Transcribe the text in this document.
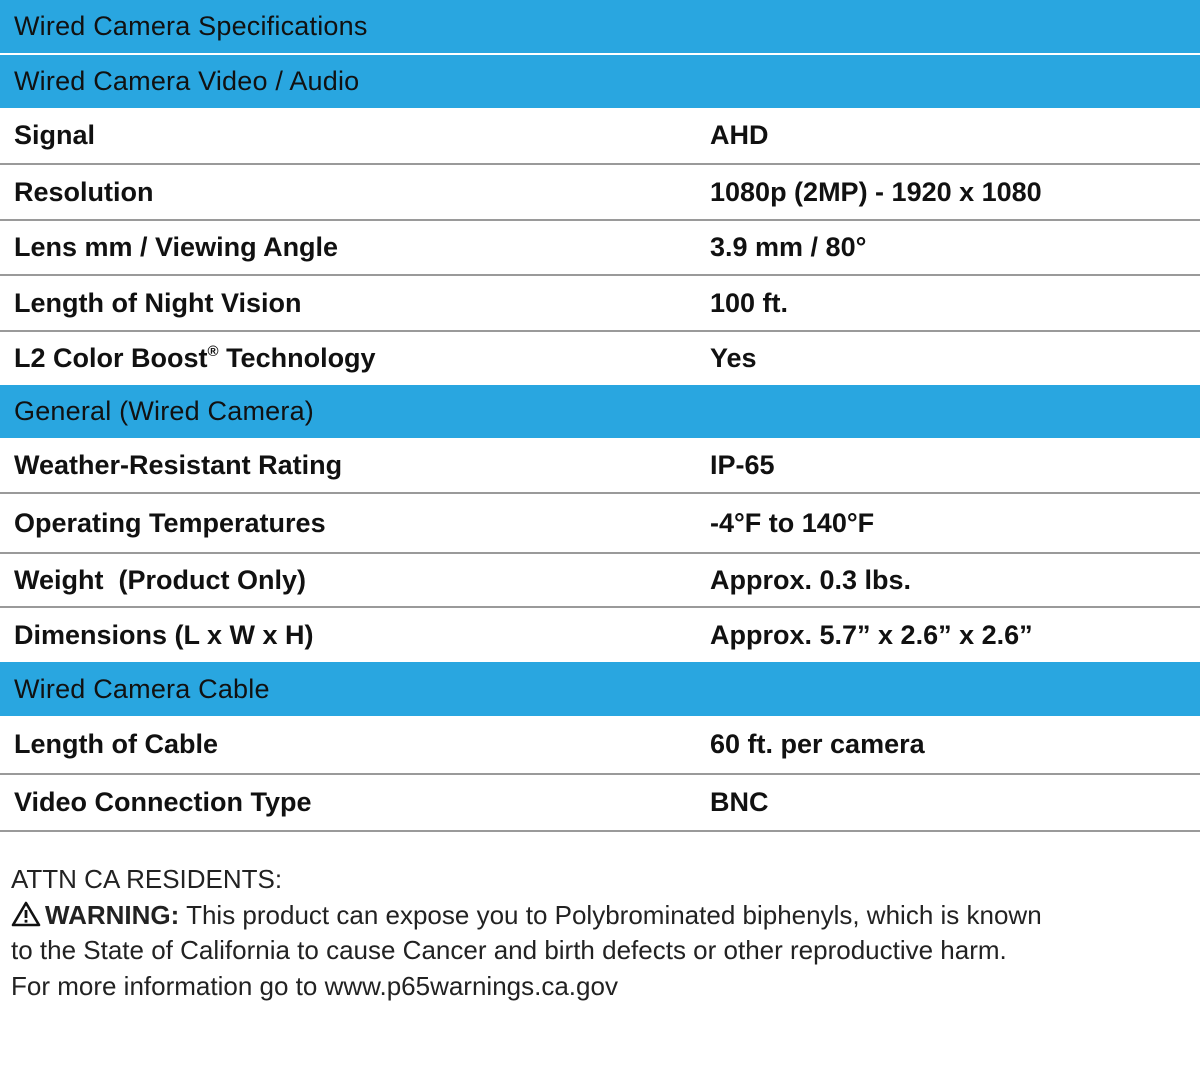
Wired Camera Specifications
Wired Camera Video / Audio
Signal	AHD
Resolution	1080p (2MP) - 1920 x 1080
Lens mm / Viewing Angle	3.9 mm / 80°
Length of Night Vision	100 ft.
L2 Color Boost® Technology	Yes
General (Wired Camera)
Weather-Resistant Rating	IP-65
Operating Temperatures	-4°F to 140°F
Weight  (Product Only)	Approx. 0.3 lbs.
Dimensions (L x W x H)	Approx. 5.7” x 2.6” x 2.6”
Wired Camera Cable
Length of Cable	60 ft. per camera
Video Connection Type	BNC
ATTN CA RESIDENTS:
WARNING: This product can expose you to Polybrominated biphenyls, which is known
to the State of California to cause Cancer and birth defects or other reproductive harm.
For more information go to www.p65warnings.ca.gov
